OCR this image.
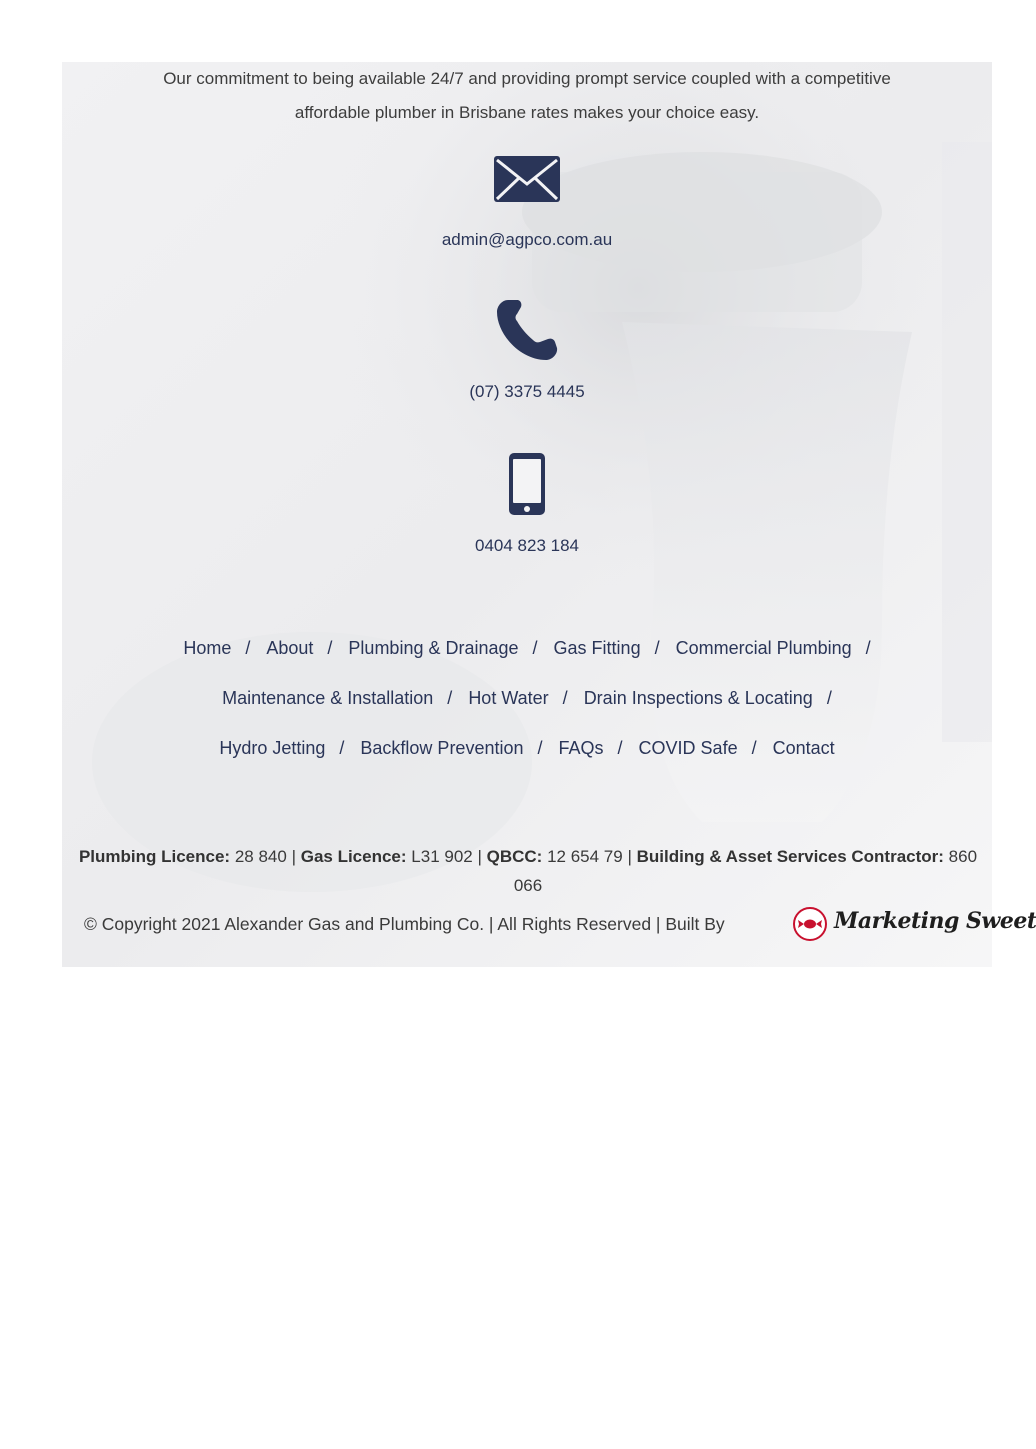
Our commitment to being available 24/7 and providing prompt service coupled with a competitive affordable plumber in Brisbane rates makes your choice easy.
admin@agpco.com.au
(07) 3375 4445
0404 823 184
Home / About / Plumbing & Drainage / Gas Fitting / Commercial Plumbing /
Maintenance & Installation / Hot Water / Drain Inspections & Locating /
Hydro Jetting / Backflow Prevention / FAQs / COVID Safe / Contact
Plumbing Licence: 28 840 | Gas Licence: L31 902 | QBCC: 12 654 79 | Building & Asset Services Contractor: 860 066
© Copyright 2021 Alexander Gas and Plumbing Co. | All Rights Reserved | Built By	Marketing Sweet
